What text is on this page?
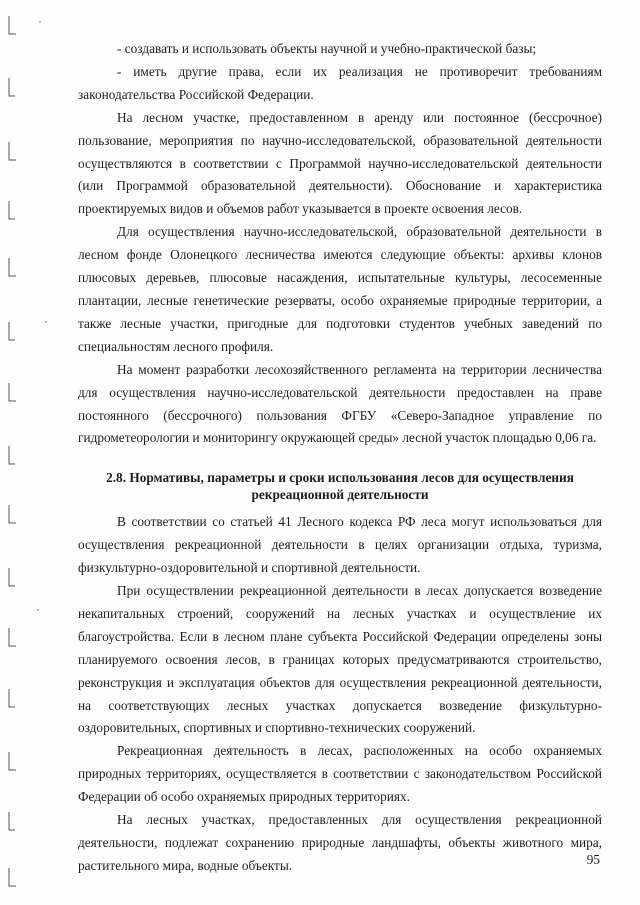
- создавать и использовать объекты научной и учебно-практической базы;

- иметь другие права, если их реализация не противоречит требованиям законодательства Российской Федерации.

На лесном участке, предоставленном в аренду или постоянное (бессрочное) пользование, мероприятия по научно-исследовательской, образовательной деятельности осуществляются в соответствии с Программой научно-исследовательской деятельности (или Программой образовательной деятельности). Обоснование и характеристика проектируемых видов и объемов работ указывается в проекте освоения лесов.

Для осуществления научно-исследовательской, образовательной деятельности в лесном фонде Олонецкого лесничества имеются следующие объекты: архивы клонов плюсовых деревьев, плюсовые насаждения, испытательные культуры, лесосеменные плантации, лесные генетические резерваты, особо охраняемые природные территории, а также лесные участки, пригодные для подготовки студентов учебных заведений по специальностям лесного профиля.

На момент разработки лесохозяйственного регламента на территории лесничества для осуществления научно-исследовательской деятельности предоставлен на праве постоянного (бессрочного) пользования ФГБУ «Северо-Западное управление по гидрометеорологии и мониторингу окружающей среды» лесной участок площадью 0,06 га.

2.8. Нормативы, параметры и сроки использования лесов для осуществления
рекреационной деятельности

В соответствии со статьей 41 Лесного кодекса РФ леса могут использоваться для осуществления рекреационной деятельности в целях организации отдыха, туризма, физкультурно-оздоровительной и спортивной деятельности.

При осуществлении рекреационной деятельности в лесах допускается возведение некапитальных строений, сооружений на лесных участках и осуществление их благоустройства. Если в лесном плане субъекта Российской Федерации определены зоны планируемого освоения лесов, в границах которых предусматриваются строительство, реконструкция и эксплуатация объектов для осуществления рекреационной деятельности, на соответствующих лесных участках допускается возведение физкультурно-оздоровительных, спортивных и спортивно-технических сооружений.

Рекреационная деятельность в лесах, расположенных на особо охраняемых природных территориях, осуществляется в соответствии с законодательством Российской Федерации об особо охраняемых природных территориях.

На лесных участках, предоставленных для осуществления рекреационной деятельности, подлежат сохранению природные ландшафты, объекты животного мира, растительного мира, водные объекты.	95
